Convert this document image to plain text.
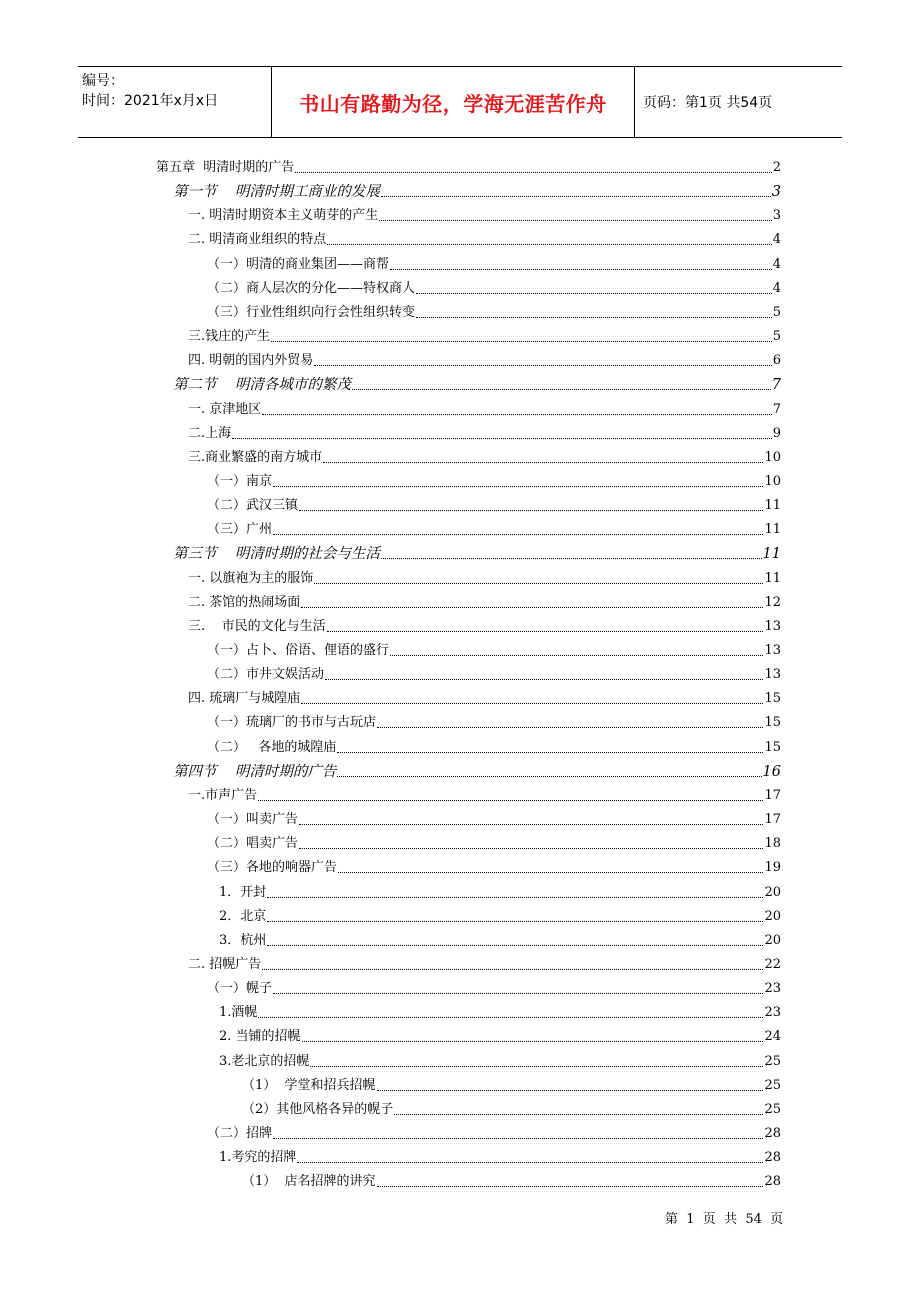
编号：
时间：2021年x月x日	书山有路勤为径，学海无涯苦作舟	页码：第1页 共54页
第五章  明清时期的广告	2
第一节    明清时期工商业的发展	3
一. 明清时期资本主义萌芽的产生	3
二. 明清商业组织的特点	4
（一）明清的商业集团——商帮	4
（二）商人层次的分化——特权商人	4
（三）行业性组织向行会性组织转变	5
三.钱庄的产生	5
四. 明朝的国内外贸易	6
第二节    明清各城市的繁茂	7
一. 京津地区	7
二.上海	9
三.商业繁盛的南方城市	10
（一）南京	10
（二）武汉三镇	11
（三）广州	11
第三节    明清时期的社会与生活	11
一. 以旗袍为主的服饰	11
二. 茶馆的热闹场面	12
三.    市民的文化与生活	13
（一）占卜、俗语、俚语的盛行	13
（二）市井文娱活动	13
四. 琉璃厂与城隍庙	15
（一）琉璃厂的书市与古玩店	15
（二）   各地的城隍庙	15
第四节    明清时期的广告	16
一.市声广告	17
（一）叫卖广告	17
（二）唱卖广告	18
（三）各地的响器广告	19
1．开封	20
2．北京	20
3．杭州	20
二. 招幌广告	22
（一）幌子	23
1.酒幌	23
2. 当铺的招幌	24
3.老北京的招幌	25
（1）  学堂和招兵招幌	25
（2）其他风格各异的幌子	25
（二）招牌	28
1.考究的招牌	28
（1）  店名招牌的讲究	28
第  1  页  共  54  页
